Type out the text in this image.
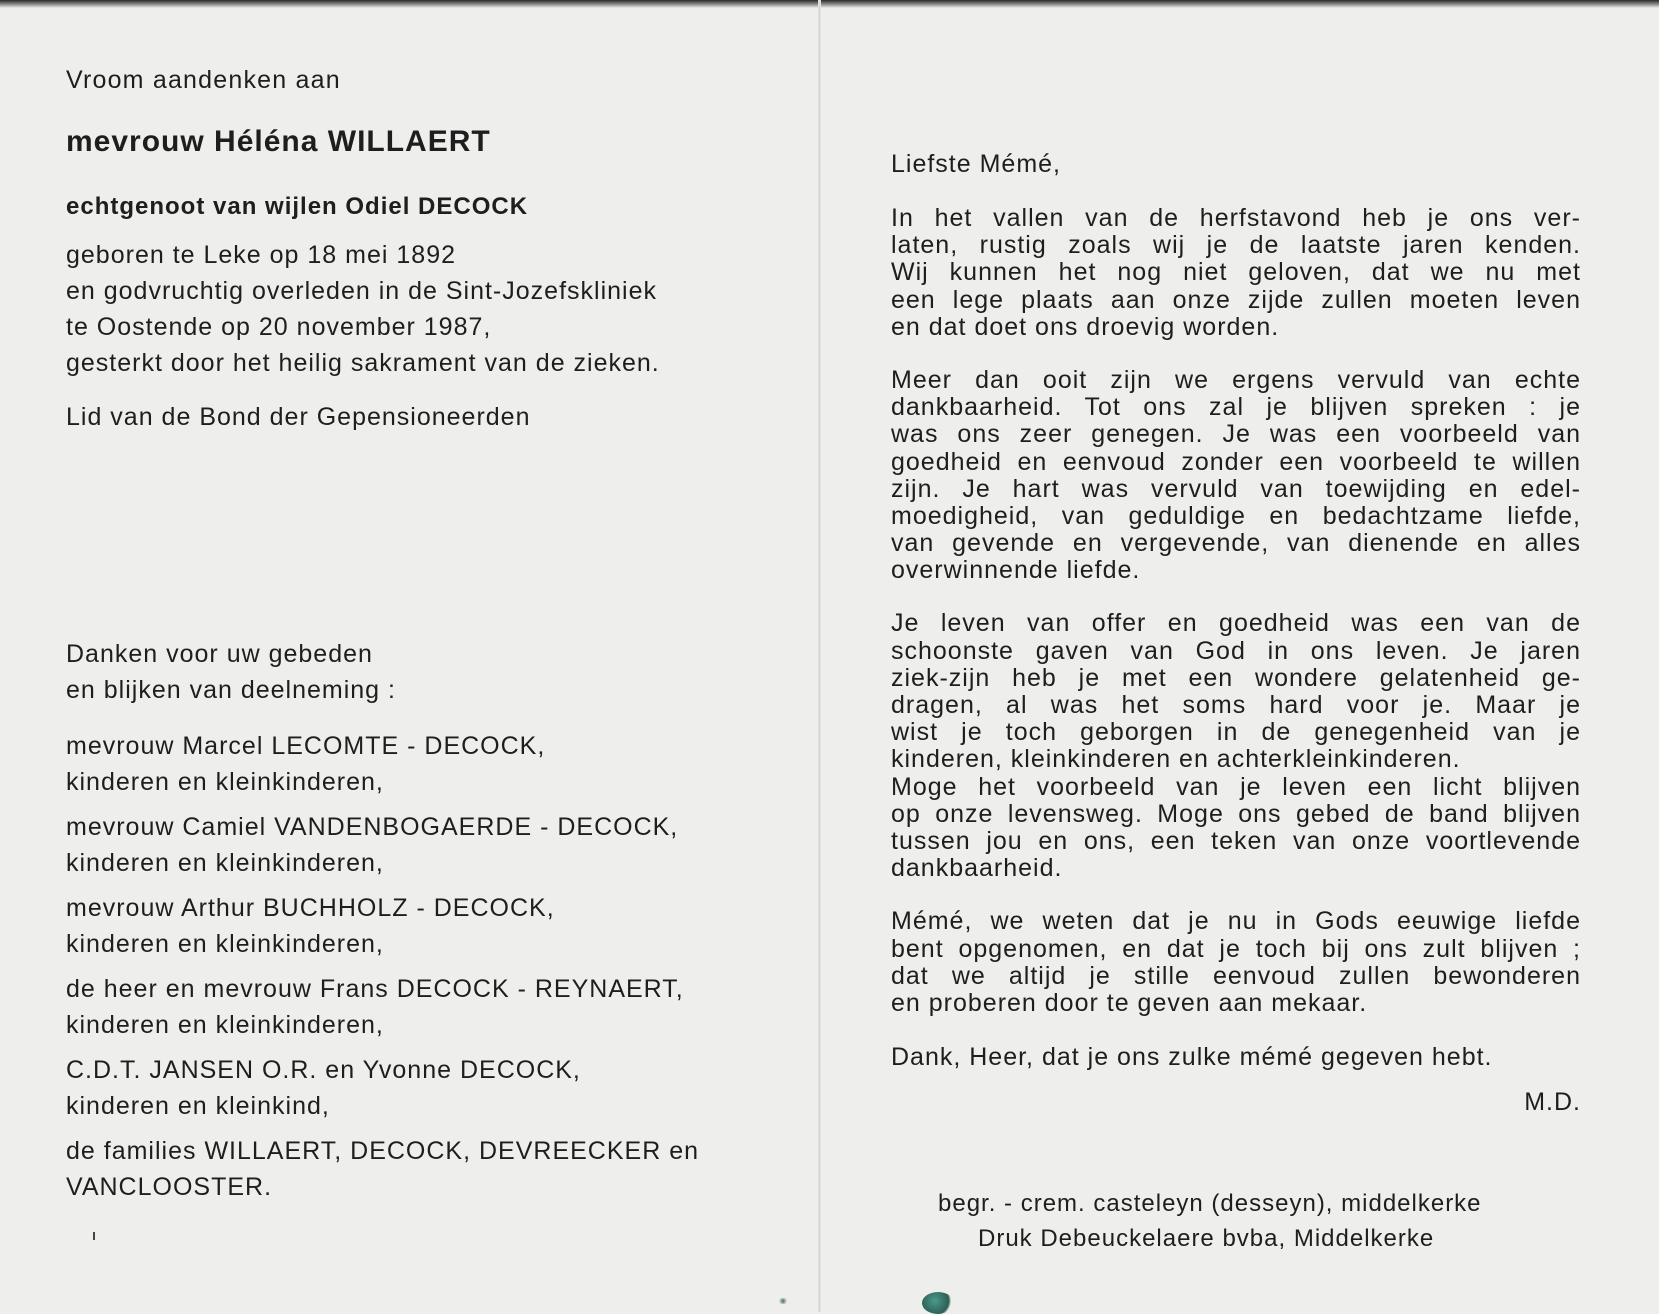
Vroom aandenken aan

mevrouw Héléna WILLAERT

echtgenoot van wijlen Odiel DECOCK

geboren te Leke op 18 mei 1892
en godvruchtig overleden in de Sint-Jozefskliniek
te Oostende op 20 november 1987,
gesterkt door het heilig sakrament van de zieken.
Lid van de Bond der Gepensioneerden
Danken voor uw gebeden
en blijken van deelneming :
mevrouw Marcel LECOMTE - DECOCK,
kinderen en kleinkinderen,
mevrouw Camiel VANDENBOGAERDE - DECOCK,
kinderen en kleinkinderen,
mevrouw Arthur BUCHHOLZ - DECOCK,
kinderen en kleinkinderen,
de heer en mevrouw Frans DECOCK - REYNAERT,
kinderen en kleinkinderen,
C.D.T. JANSEN O.R. en Yvonne DECOCK,
kinderen en kleinkind,
de families WILLAERT, DECOCK, DEVREECKER en
VANCLOOSTER.

Liefste Mémé,

In het vallen van de herfstavond heb je ons ver-
laten, rustig zoals wij je de laatste jaren kenden.
Wij kunnen het nog niet geloven, dat we nu met
een lege plaats aan onze zijde zullen moeten leven
en dat doet ons droevig worden.
Meer dan ooit zijn we ergens vervuld van echte
dankbaarheid. Tot ons zal je blijven spreken : je
was ons zeer genegen. Je was een voorbeeld van
goedheid en eenvoud zonder een voorbeeld te willen
zijn. Je hart was vervuld van toewijding en edel-
moedigheid, van geduldige en bedachtzame liefde,
van gevende en vergevende, van dienende en alles
overwinnende liefde.
Je leven van offer en goedheid was een van de
schoonste gaven van God in ons leven. Je jaren
ziek-zijn heb je met een wondere gelatenheid ge-
dragen, al was het soms hard voor je. Maar je
wist je toch geborgen in de genegenheid van je
kinderen, kleinkinderen en achterkleinkinderen.
Moge het voorbeeld van je leven een licht blijven
op onze levensweg. Moge ons gebed de band blijven
tussen jou en ons, een teken van onze voortlevende
dankbaarheid.
Mémé, we weten dat je nu in Gods eeuwige liefde
bent opgenomen, en dat je toch bij ons zult blijven ;
dat we altijd je stille eenvoud zullen bewonderen
en proberen door te geven aan mekaar.

Dank, Heer, dat je ons zulke mémé gegeven hebt.

M.D.
begr. - crem. casteleyn (desseyn), middelkerke
Druk Debeuckelaere bvba, Middelkerke
